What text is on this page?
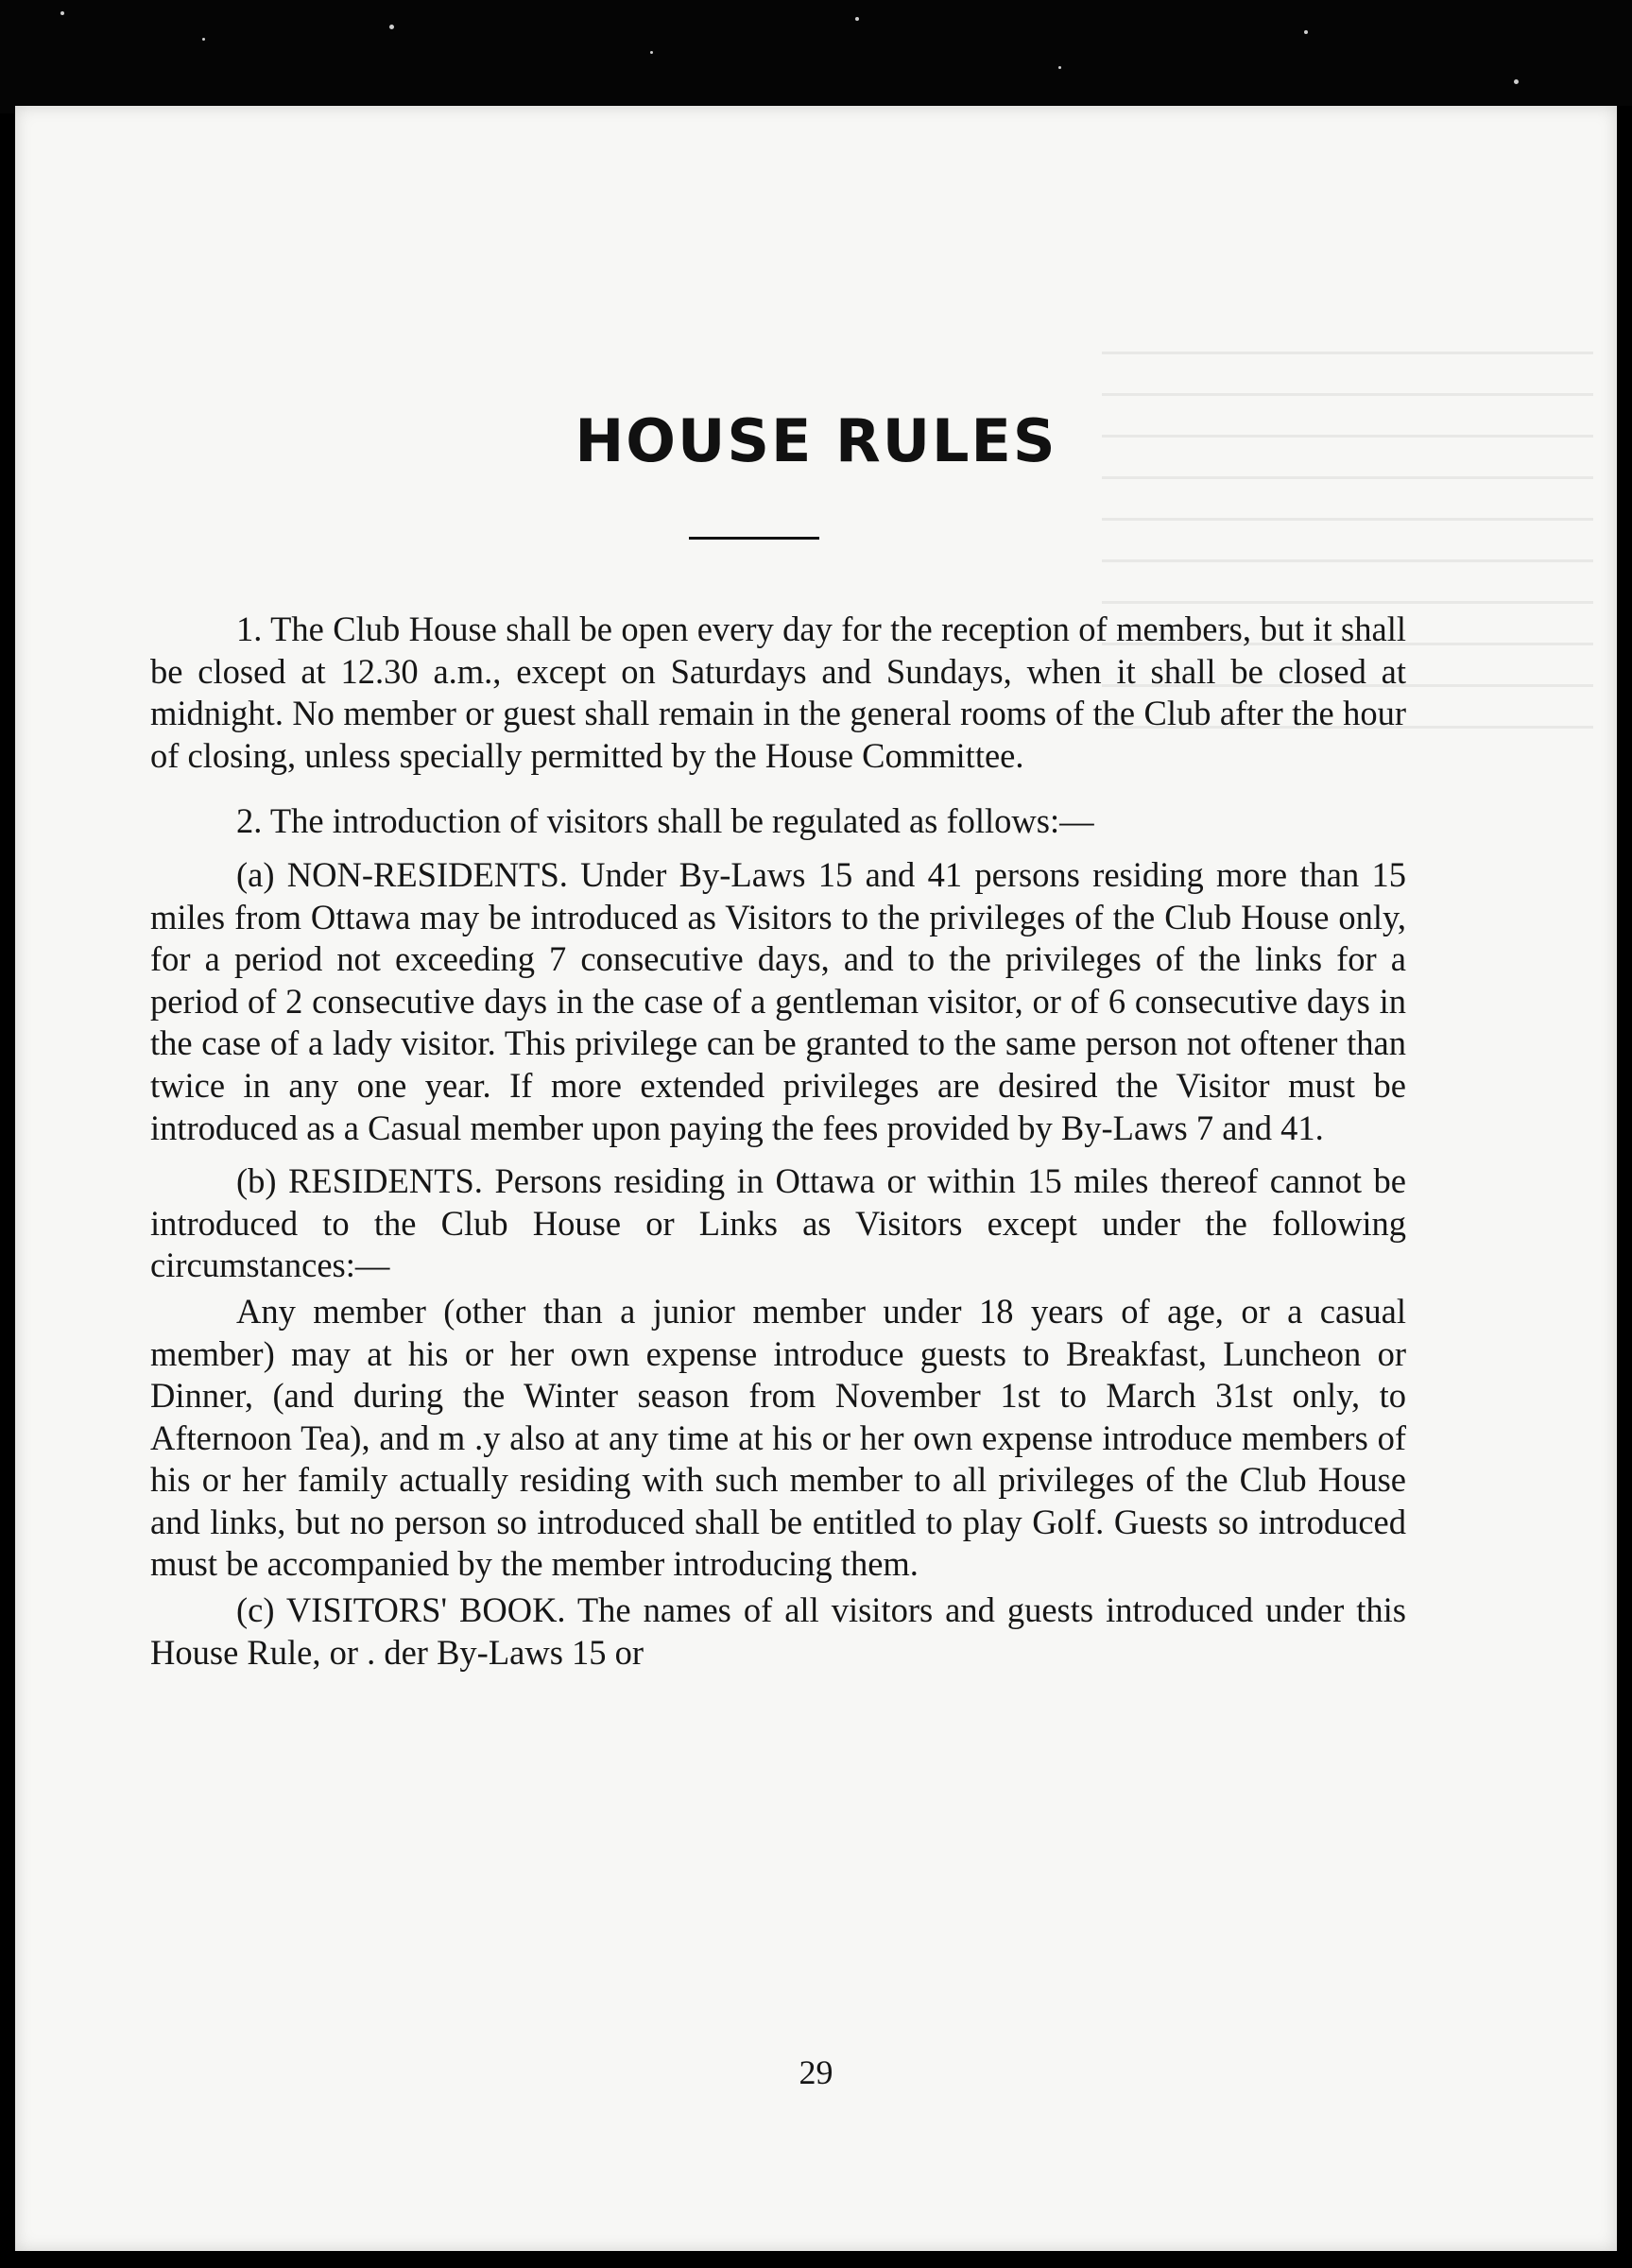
HOUSE RULES

1. The Club House shall be open every day for the reception of members, but it shall be closed at 12.30 a.m., except on Saturdays and Sundays, when it shall be closed at midnight. No member or guest shall remain in the general rooms of the Club after the hour of closing, unless specially permitted by the House Committee.

2. The introduction of visitors shall be regulated as follows:—

(a) NON-RESIDENTS. Under By-Laws 15 and 41 persons residing more than 15 miles from Ottawa may be introduced as Visitors to the privileges of the Club House only, for a period not exceeding 7 consecutive days, and to the privileges of the links for a period of 2 consecutive days in the case of a gentleman visitor, or of 6 consecutive days in the case of a lady visitor. This privilege can be granted to the same person not oftener than twice in any one year. If more extended privileges are desired the Visitor must be introduced as a Casual member upon paying the fees provided by By-Laws 7 and 41.

(b) RESIDENTS. Persons residing in Ottawa or within 15 miles thereof cannot be introduced to the Club House or Links as Visitors except under the following circumstances:—

Any member (other than a junior member under 18 years of age, or a casual member) may at his or her own expense introduce guests to Breakfast, Luncheon or Dinner, (and during the Winter season from November 1st to March 31st only, to Afternoon Tea), and m .y also at any time at his or her own expense introduce members of his or her family actually residing with such member to all privileges of the Club House and links, but no person so introduced shall be entitled to play Golf. Guests so introduced must be accompanied by the member introducing them.

(c) VISITORS' BOOK. The names of all visitors and guests introduced under this House Rule, or . der By-Laws 15 or

29
